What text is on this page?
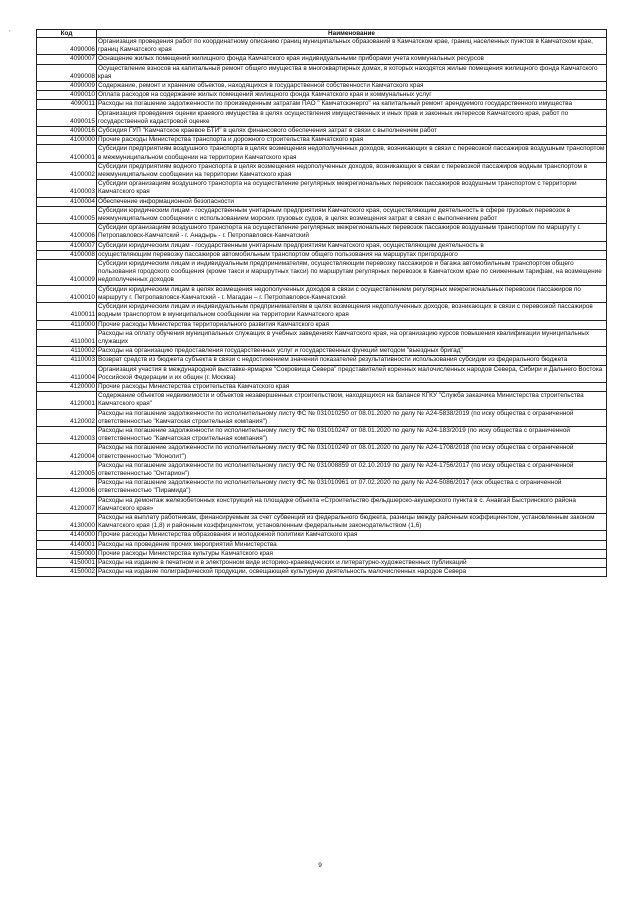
,	Код	Наименование
4090006	Организация проведения работ по координатному описанию границ муниципальных образований в Камчатском крае, границ населенных пунктов в Камчатском крае, границ Камчатского края
4090007	Оснащение жилых помещений жилищного фонда Камчатского края индивидуальными приборами учета коммунальных ресурсов
4090008	Осуществление взносов на капитальный ремонт общего имущества в многоквартирных домах, в которых находятся жилые помещения жилищного фонда Камчатского края
4090009	Содержание, ремонт и хранение объектов, находящихся в государственной собственности Камчатского края
4090010	Оплата расходов на содержание жилых помещений жилищного фонда Камчатского края и коммунальных услуг
4090011	Расходы на погашение задолженности по произведенным затратам ПАО " Камчатскэнерго" на капитальный ремонт арендуемого государственного имущества
4090015	Организация проведения оценки краевого имущества в целях осуществления имущественных и иных прав и законных интересов Камчатского края, работ по государственной кадастровой оценке
4090016	Субсидия ГУП "Камчатское краевое БТИ" в целях финансового обеспечения затрат в связи с выполнением работ
4100000	Прочие расходы Министерства транспорта и дорожного строительства Камчатского края
4100001	Субсидии предприятиям воздушного транспорта в целях возмещения недополученных доходов, возникающих в связи с перевозкой пассажиров воздушным транспортом в межмуниципальном сообщении на территории Камчатского края
4100002	Субсидии предприятиям водного транспорта в целях возмещения недополученных доходов, возникающих в связи с перевозкой пассажиров водным транспортом в межмуниципальном сообщении на территории Камчатского края
4100003	Субсидии организациям воздушного транспорта на осуществление регулярных межрегиональных перевозок пассажиров воздушным транспортом с территории Камчатского края
4100004	Обеспечение информационной безопасности
4100005	Субсидии юридическим лицам - государственным унитарным предприятиям Камчатского края, осуществляющим деятельность в сфере грузовых перевозок в межмуниципальном сообщении с использованием морских грузовых судов, в целях возмещения затрат в связи с выполнением работ
4100006	Субсидии организациям воздушного транспорта на осуществление регулярных межрегиональных перевозок пассажиров воздушным транспортом по маршруту г. Петропавловск-Камчатский - г. Анадырь - г. Петропавловск-Камчатский
4100007	Субсидии юридическим лицам - государственным унитарным предприятиям Камчатского края, осуществляющим деятельность в
4100008	осуществляющим перевозку пассажиров автомобильным транспортом общего пользования на маршрутах пригородного
4100009	Субсидии юридическим лицам и индивидуальным предпринимателям, осуществляющим перевозку пассажиров и багажа автомобильным транспортом общего пользования городского сообщения (кроме такси и маршрутных такси) по маршрутам регулярных перевозок в Камчатском крае по сниженным тарифам, на возмещение недополученных доходов
4100010	Субсидии юридическим лицам в целях возмещения недополученных доходов в связи с осуществлением регулярных межрегиональных перевозок пассажиров по маршруту г. Петропавловск-Камчатский - г. Магадан – г. Петропавловск-Камчатский
4100011	Субсидии юридическим лицам и индивидуальным предпринимателям в целях возмещения недополученных доходов, возникающих в связи с перевозкой пассажиров водным транспортом в муниципальном сообщении на территории Камчатского края
4110000	Прочие расходы Министерства территориального развития Камчатского края
4110001	Расходы на оплату обучения муниципальных служащих в учебных заведениях Камчатского края, на организацию курсов повышения квалификации муниципальных служащих
4110002	Расходы на организацию предоставления государственных услуг и государственных функций методом "выездных бригад"
4110003	Возврат средств из бюджета субъекта в связи с недостижением значений показателей результативности использования субсидии из федерального бюджета
4110004	Организация участия в международной выставке-ярмарке "Сокровища Севера" представителей коренных малочисленных народов Севера, Сибири и Дальнего Востока Российской Федерации и их общин (г. Москва)
4120000	Прочие расходы Министерства строительства Камчатского края
4120001	Содержание объектов недвижимости и объектов незавершенных строительством, находящихся на балансе КГКУ "Служба заказчика Министерства строительства Камчатского края"
4120002	Расходы на погашение задолженности по исполнительному листу ФС № 031010250 от 08.01.2020 по делу № А24-5838/2019 (по иску общества с ограниченной ответственностью "Камчатская строительная компания")
4120003	Расходы на погашение задолженности по исполнительному листу ФС № 031010247 от 08.01.2020 по делу № А24-183/2019 (по иску общества с ограниченной ответственностью "Камчатская строительная компания")
4120004	Расходы на погашение задолженности по исполнительному листу ФС № 031010249 от 08.01.2020 по делу № А24-1708/2018 (по иску общества с ограниченной ответственностью "Монолит")
4120005	Расходы на погашение задолженности по исполнительному листу ФС № 031008859 от 02.10.2019 по делу № А24-1756/2017 (по иску общества с ограниченной ответственностью "Онтарион")
4120006	Расходы на погашение задолженности по исполнительному листу ФС № 031010961 от 07.02.2020 по делу № А24-5086/2017 (иск общества с ограниченной ответственностью "Пирамида")
4120007	Расходы на демонтаж железобетонных конструкций на площадке объекта «Строительство фельдшерско-акушерского пункта в с. Анавгай Быстринского района Камчатского края»
4130000	Расходы на выплату работникам, финансируемым за счет субвенций из федерального бюджета, разницы между районным коэффициентом, установленным законом Камчатского края (1,8) и районным коэффициентом, установленным федеральным законодательством (1,6)
4140000	Прочие расходы Министерства образования и молодежной политики Камчатского края
4140001	Расходы на проведение прочих мероприятий Министерства
4150000	Прочие расходы Министерства культуры Камчатского края
4150001	Расходы на издание в печатном и в электронном виде историко-краеведческих и литературно-художественных публикаций
4150002	Расходы на издание полиграфической продукции, освещающей культурную деятельность малочисленных народов Севера
9
